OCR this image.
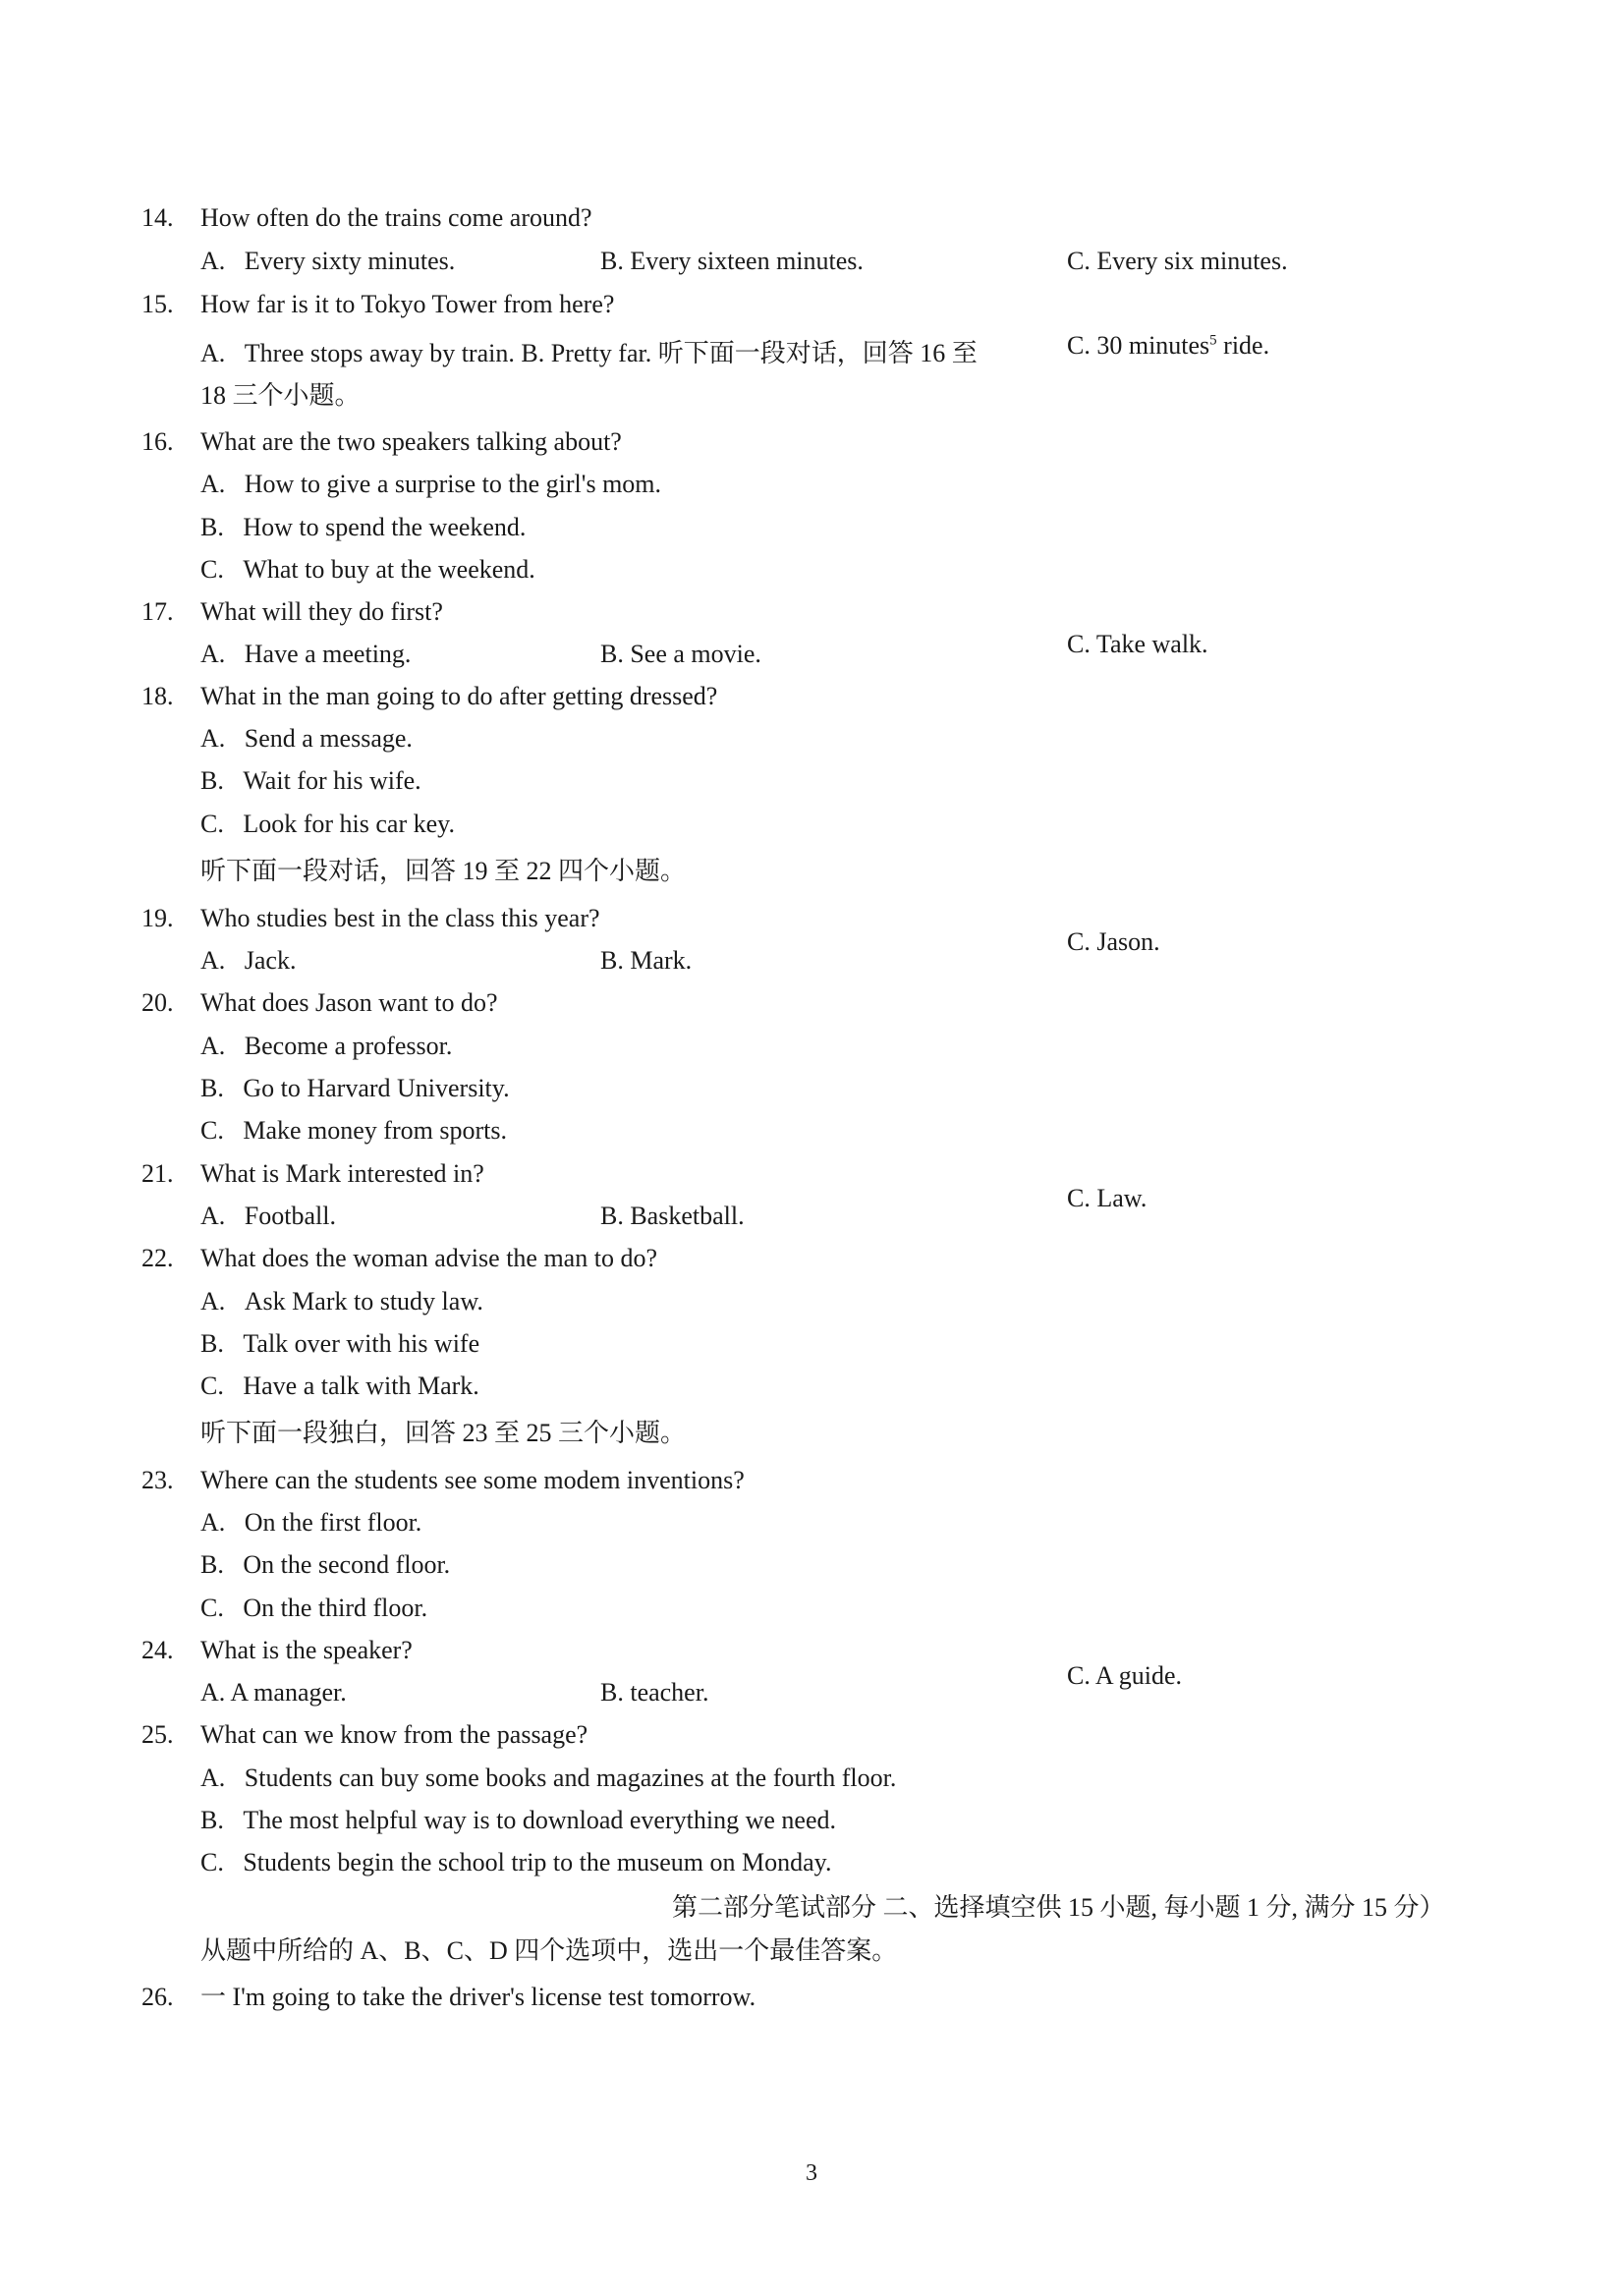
14. How often do the trains come around?
A.   Every sixty minutes.	B. Every sixteen minutes.	C. Every six minutes.
15. How far is it to Tokyo Tower from here?
A.   Three stops away by train. B. Pretty far. 听下面一段对话，回答 16 至
18 三个小题。
C. 30 minutes$^5$ ride.
16. What are the two speakers talking about?
A.   How to give a surprise to the girl's mom.
B.   How to spend the weekend.
C.   What to buy at the weekend.
17. What will they do first?
A.   Have a meeting.	B. See a movie.	C. Take walk.
18. What in the man going to do after getting dressed?
A.   Send a message.
B.   Wait for his wife.
C.   Look for his car key.
听下面一段对话，回答 19 至 22 四个小题。
19. Who studies best in the class this year?
A.   Jack.	B. Mark.
C. Jason.
20. What does Jason want to do?
A.   Become a professor.
B.   Go to Harvard University.
C.   Make money from sports.
21. What is Mark interested in?
A.   Football.	B. Basketball.
C. Law.
22. What does the woman advise the man to do?
A.   Ask Mark to study law.
B.   Talk over with his wife
C.   Have a talk with Mark.
听下面一段独白，回答 23 至 25 三个小题。
23. Where can the students see some modem inventions?
A.   On the first floor.
B.   On the second floor.
C.   On the third floor.
24. What is the speaker?
A. A manager.	B. teacher.
C. A guide.
25. What can we know from the passage?
A.   Students can buy some books and magazines at the fourth floor.
B.   The most helpful way is to download everything we need.
C.   Students begin the school trip to the museum on Monday.
第二部分笔试部分 二、选择填空供 15 小题, 每小题 1 分, 满分 15 分）
从题中所给的 A、B、C、D 四个选项中，选出一个最佳答案。
26. 一 I'm going to take the driver's license test tomorrow.
3
